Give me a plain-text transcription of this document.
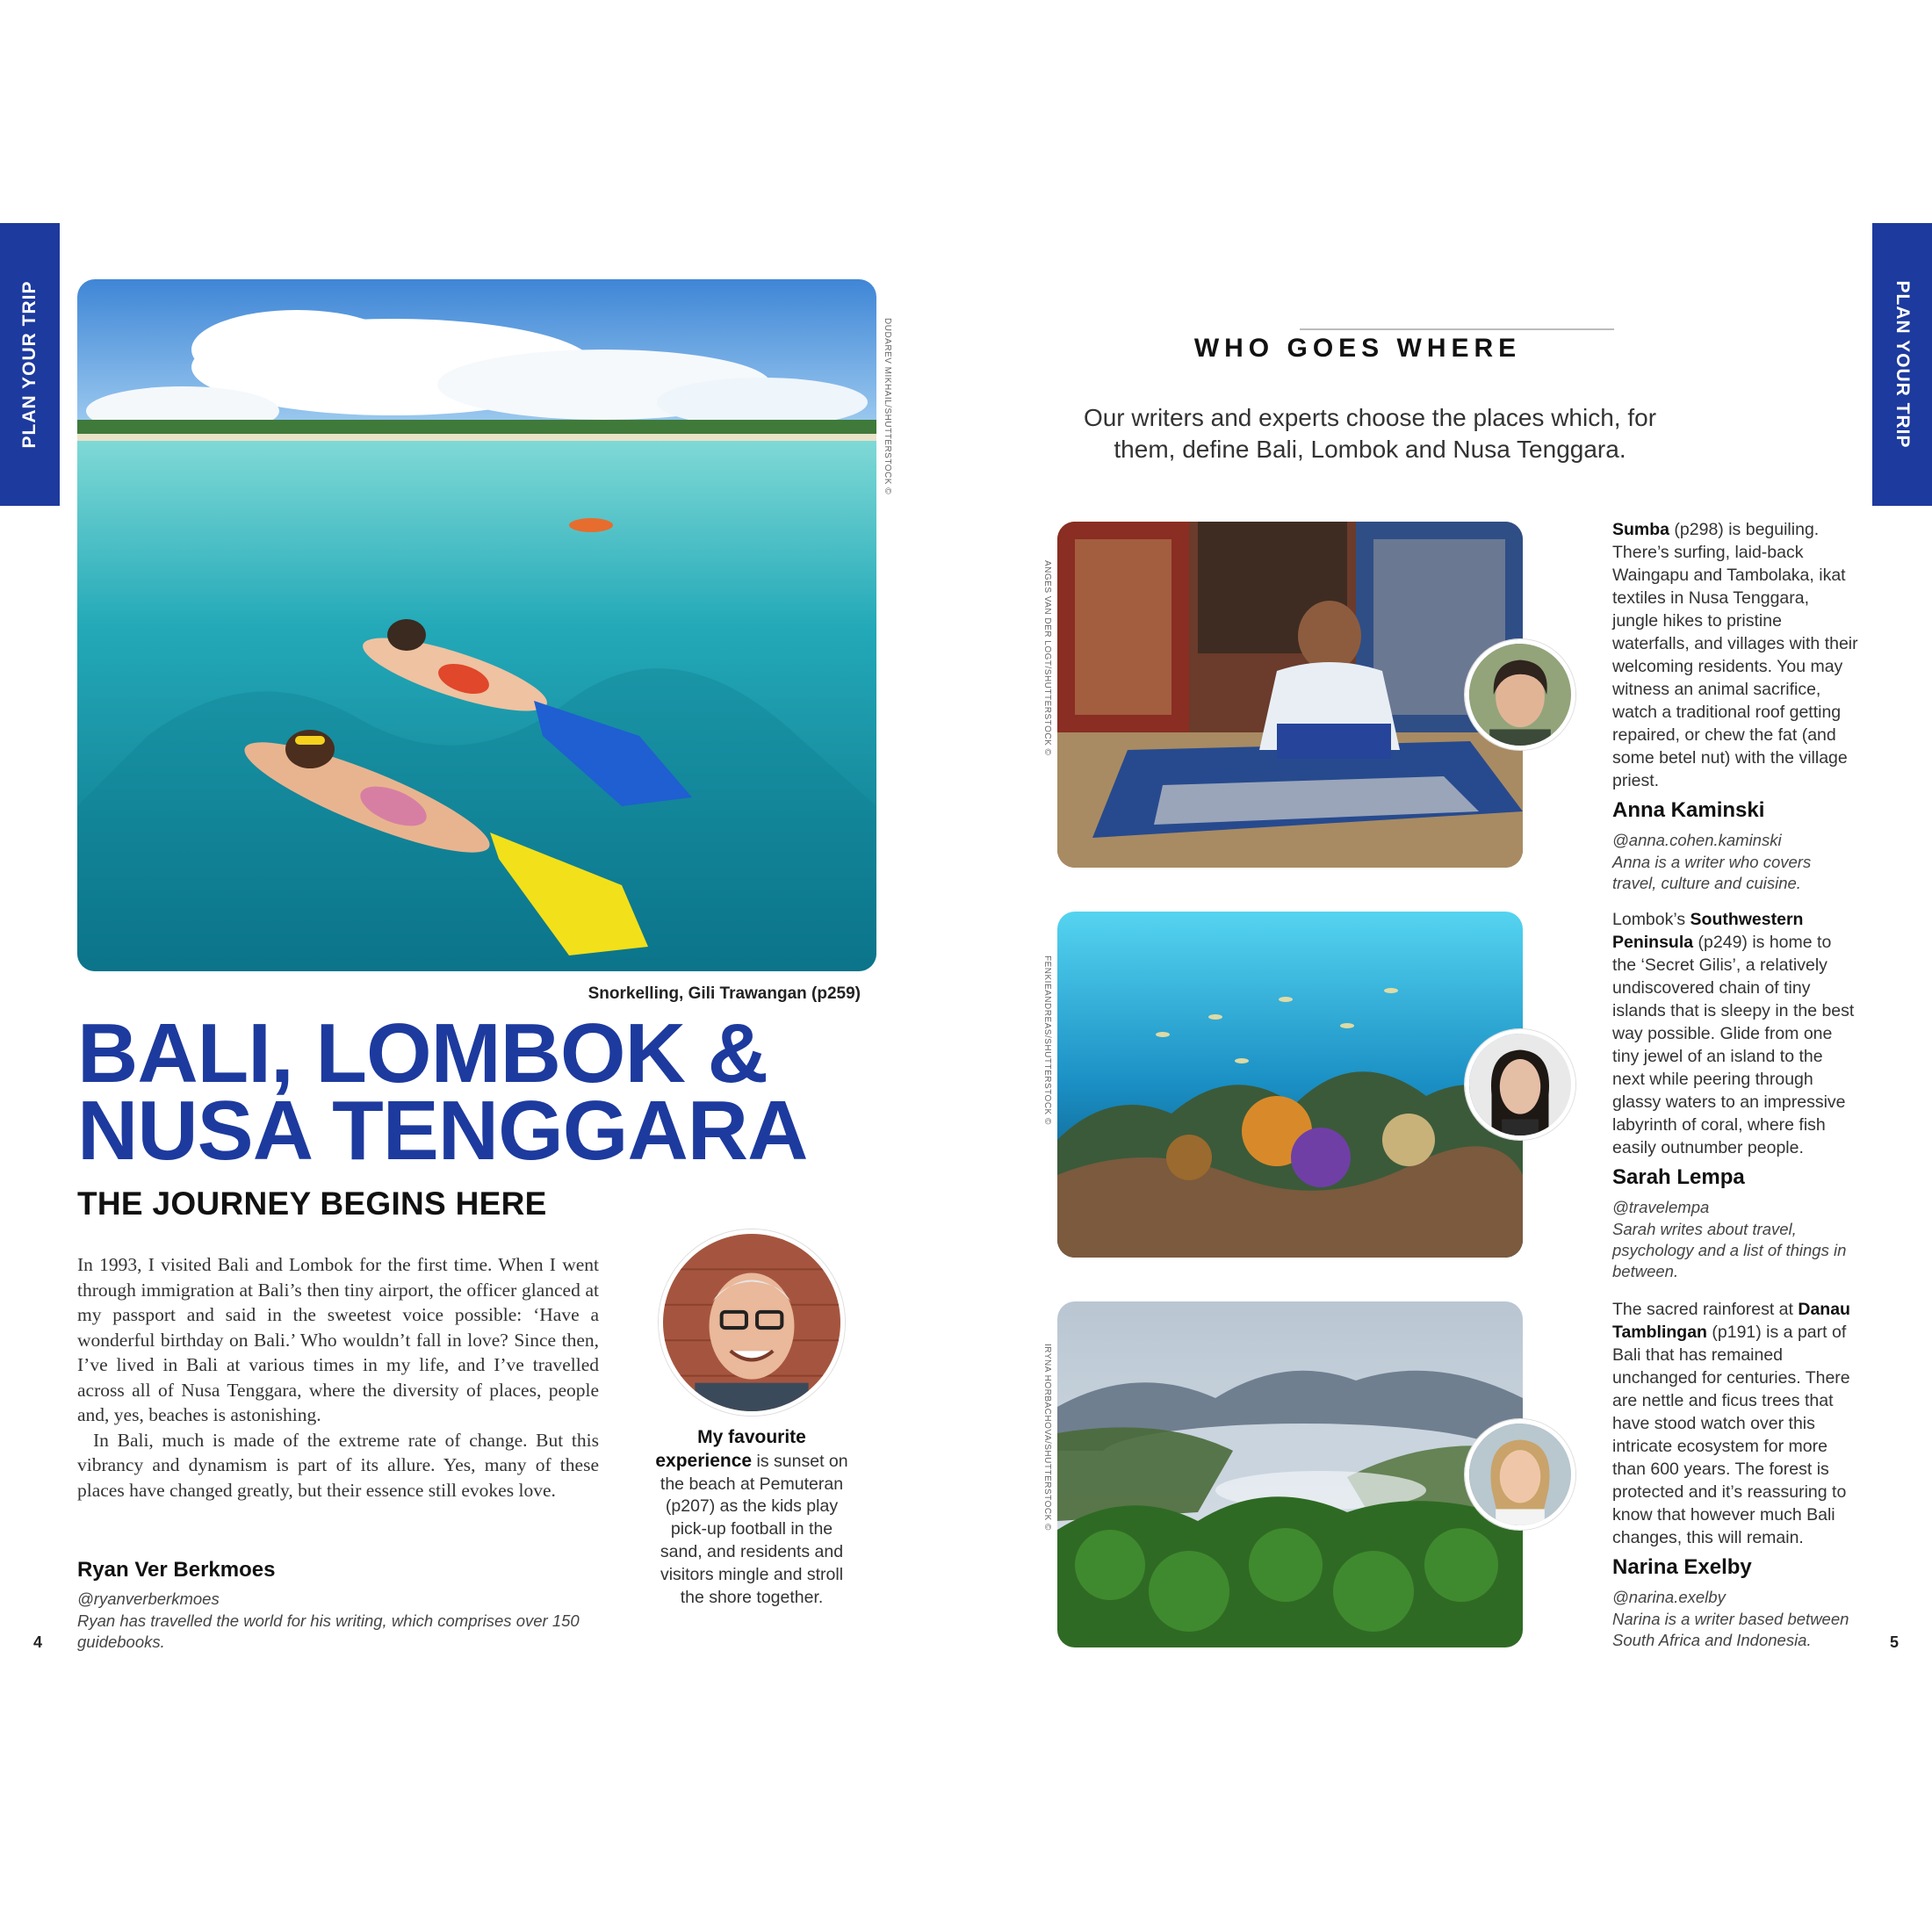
PLAN YOUR TRIP	PLAN YOUR TRIP
DUDAREV MIKHAIL/SHUTTERSTOCK ©
Snorkelling, Gili Trawangan (p259)
BALI, LOMBOK &
NUSA TENGGARA
THE JOURNEY BEGINS HERE

In 1993, I visited Bali and Lombok for the first time. When I went through immigration at Bali’s then tiny airport, the officer glanced at my passport and said in the sweetest voice possible: ‘Have a wonderful birthday on Bali.’ Who wouldn’t fall in love? Since then, I’ve lived in Bali at various times in my life, and I’ve travelled across all of Nusa Tenggara, where the diversity of places, people and, yes, beaches is astonishing.

In Bali, much is made of the extreme rate of change. But this vibrancy and dynamism is part of its allure. Yes, many of these places have changed greatly, but their essence still evokes love.

Ryan Ver Berkmoes
@ryanverberkmoes
Ryan has travelled the world for his writing, which comprises over 150 guidebooks.
My favourite experience is sunset on the beach at Pemuteran (p207) as the kids play pick-up football in the sand, and residents and visitors mingle and stroll the shore together.
4	5
WHO GOES WHERE
Our writers and experts choose the places which, for them, define Bali, Lombok and Nusa Tenggara.
ANGES VAN DER LOGT/SHUTTERSTOCK ©
Sumba (p298) is beguiling. There’s surfing, laid-back Waingapu and Tambolaka, ikat textiles in Nusa Tenggara, jungle hikes to pristine waterfalls, and villages with their welcoming residents. You may witness an animal sacrifice, watch a traditional roof getting repaired, or chew the fat (and some betel nut) with the village priest.
Anna Kaminski
@anna.cohen.kaminski
Anna is a writer who covers travel, culture and cuisine.
FENKIEANDREAS/SHUTTERSTOCK ©
Lombok’s Southwestern Peninsula (p249) is home to the ‘Secret Gilis’, a relatively undiscovered chain of tiny islands that is sleepy in the best way possible. Glide from one tiny jewel of an island to the next while peering through glassy waters to an impressive labyrinth of coral, where fish easily outnumber people.
Sarah Lempa
@travelempa
Sarah writes about travel, psychology and a list of things in between.
IRYNA HORBACHOVA/SHUTTERSTOCK ©
The sacred rainforest at Danau Tamblingan (p191) is a part of Bali that has remained unchanged for centuries. There are nettle and ficus trees that have stood watch over this intricate ecosystem for more than 600 years. The forest is protected and it’s reassuring to know that however much Bali changes, this will remain.
Narina Exelby
@narina.exelby
Narina is a writer based between South Africa and Indonesia.
